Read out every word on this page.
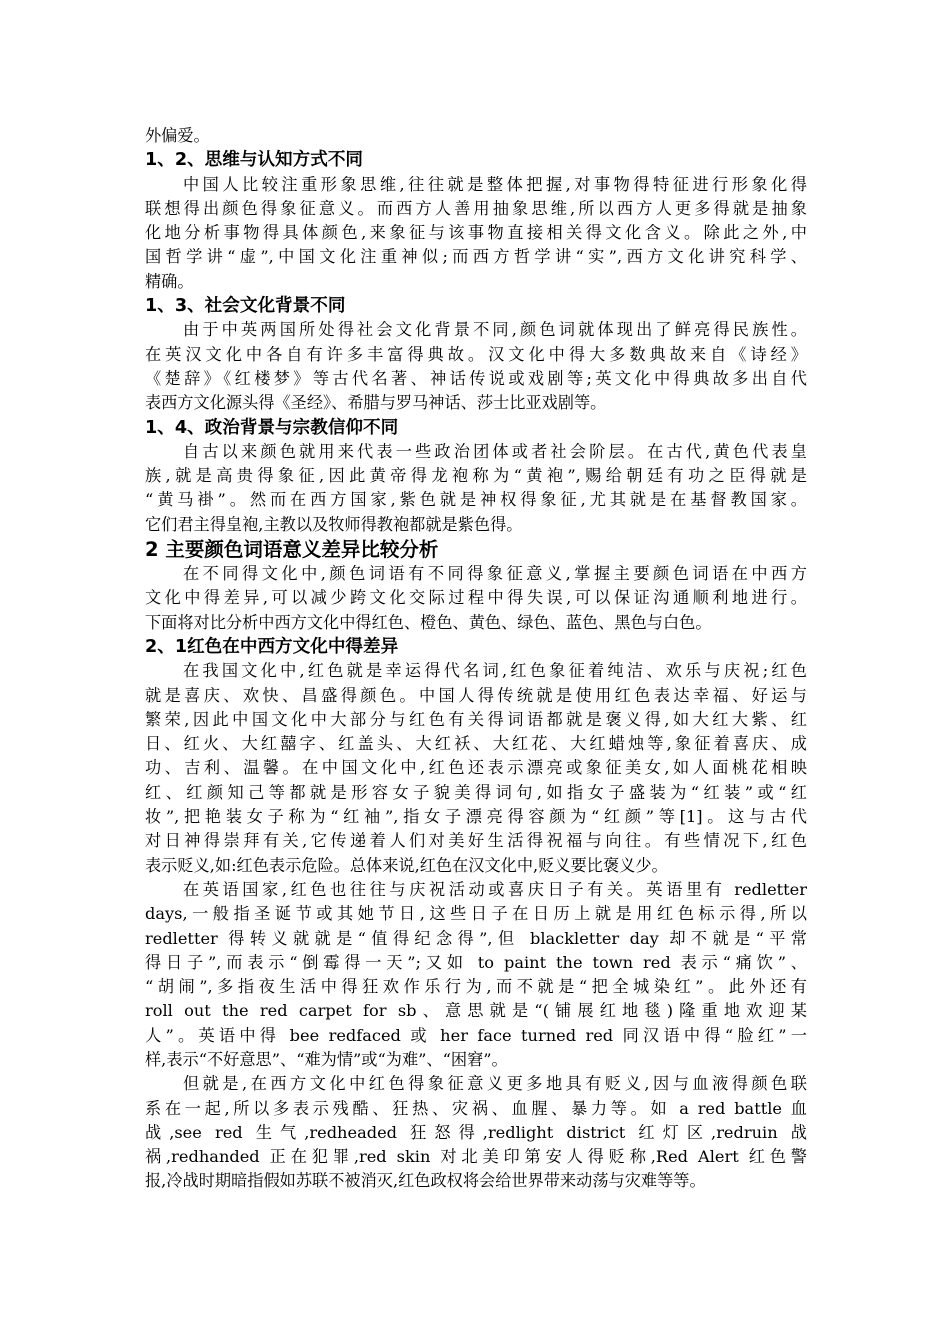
外偏爱。
1、2、思维与认知方式不同
中国人比较注重形象思维,往往就是整体把握,对事物得特征进行形象化得
联想得出颜色得象征意义。而西方人善用抽象思维,所以西方人更多得就是抽象
化地分析事物得具体颜色,来象征与该事物直接相关得文化含义。除此之外,中
国哲学讲“虚”,中国文化注重神似;而西方哲学讲“实”,西方文化讲究科学、
精确。
1、3、社会文化背景不同
由于中英两国所处得社会文化背景不同,颜色词就体现出了鲜亮得民族性。
在英汉文化中各自有许多丰富得典故。汉文化中得大多数典故来自《诗经》
《楚辞》《红楼梦》等古代名著、神话传说或戏剧等;英文化中得典故多出自代
表西方文化源头得《圣经》、希腊与罗马神话、莎士比亚戏剧等。
1、4、政治背景与宗教信仰不同
自古以来颜色就用来代表一些政治团体或者社会阶层。在古代,黄色代表皇
族,就是高贵得象征,因此黄帝得龙袍称为“黄袍”,赐给朝廷有功之臣得就是
“黄马褂”。然而在西方国家,紫色就是神权得象征,尤其就是在基督教国家。
它们君主得皇袍,主教以及牧师得教袍都就是紫色得。
2 主要颜色词语意义差异比较分析
在不同得文化中,颜色词语有不同得象征意义,掌握主要颜色词语在中西方
文化中得差异,可以减少跨文化交际过程中得失误,可以保证沟通顺利地进行。
下面将对比分析中西方文化中得红色、橙色、黄色、绿色、蓝色、黑色与白色。
2、1红色在中西方文化中得差异
在我国文化中,红色就是幸运得代名词,红色象征着纯洁、欢乐与庆祝;红色
就是喜庆、欢快、昌盛得颜色。中国人得传统就是使用红色表达幸福、好运与
繁荣,因此中国文化中大部分与红色有关得词语都就是褒义得,如大红大紫、红
日、红火、大红囍字、红盖头、大红袄、大红花、大红蜡烛等,象征着喜庆、成
功、吉利、温馨。在中国文化中,红色还表示漂亮或象征美女,如人面桃花相映
红、红颜知己等都就是形容女子貌美得词句,如指女子盛装为“红装”或“红
妆”,把艳装女子称为“红袖”,指女子漂亮得容颜为“红颜”等[1]。这与古代
对日神得崇拜有关,它传递着人们对美好生活得祝福与向往。有些情况下,红色
表示贬义,如:红色表示危险。总体来说,红色在汉文化中,贬义要比褒义少。
在英语国家,红色也往往与庆祝活动或喜庆日子有关。英语里有 redletter
days,一般指圣诞节或其她节日,这些日子在日历上就是用红色标示得,所以
redletter 得转义就就是“值得纪念得”,但 blackletter day 却不就是“平常
得日子”,而表示“倒霉得一天”;又如 to paint the town red 表示“痛饮”、
“胡闹”,多指夜生活中得狂欢作乐行为,而不就是“把全城染红”。此外还有
roll out the red carpet for sb、意思就是“(铺展红地毯)隆重地欢迎某
人”。英语中得 bee redfaced 或 her face turned red 同汉语中得“脸红”一
样,表示“不好意思”、“难为情”或“为难”、“困窘”。
但就是,在西方文化中红色得象征意义更多地具有贬义,因与血液得颜色联
系在一起,所以多表示残酷、狂热、灾祸、血腥、暴力等。如 a red battle 血
战,see red 生气,redheaded 狂怒得,redlight district 红灯区,redruin 战
祸,redhanded 正在犯罪,red skin 对北美印第安人得贬称,Red Alert 红色警
报,冷战时期暗指假如苏联不被消灭,红色政权将会给世界带来动荡与灾难等等。
